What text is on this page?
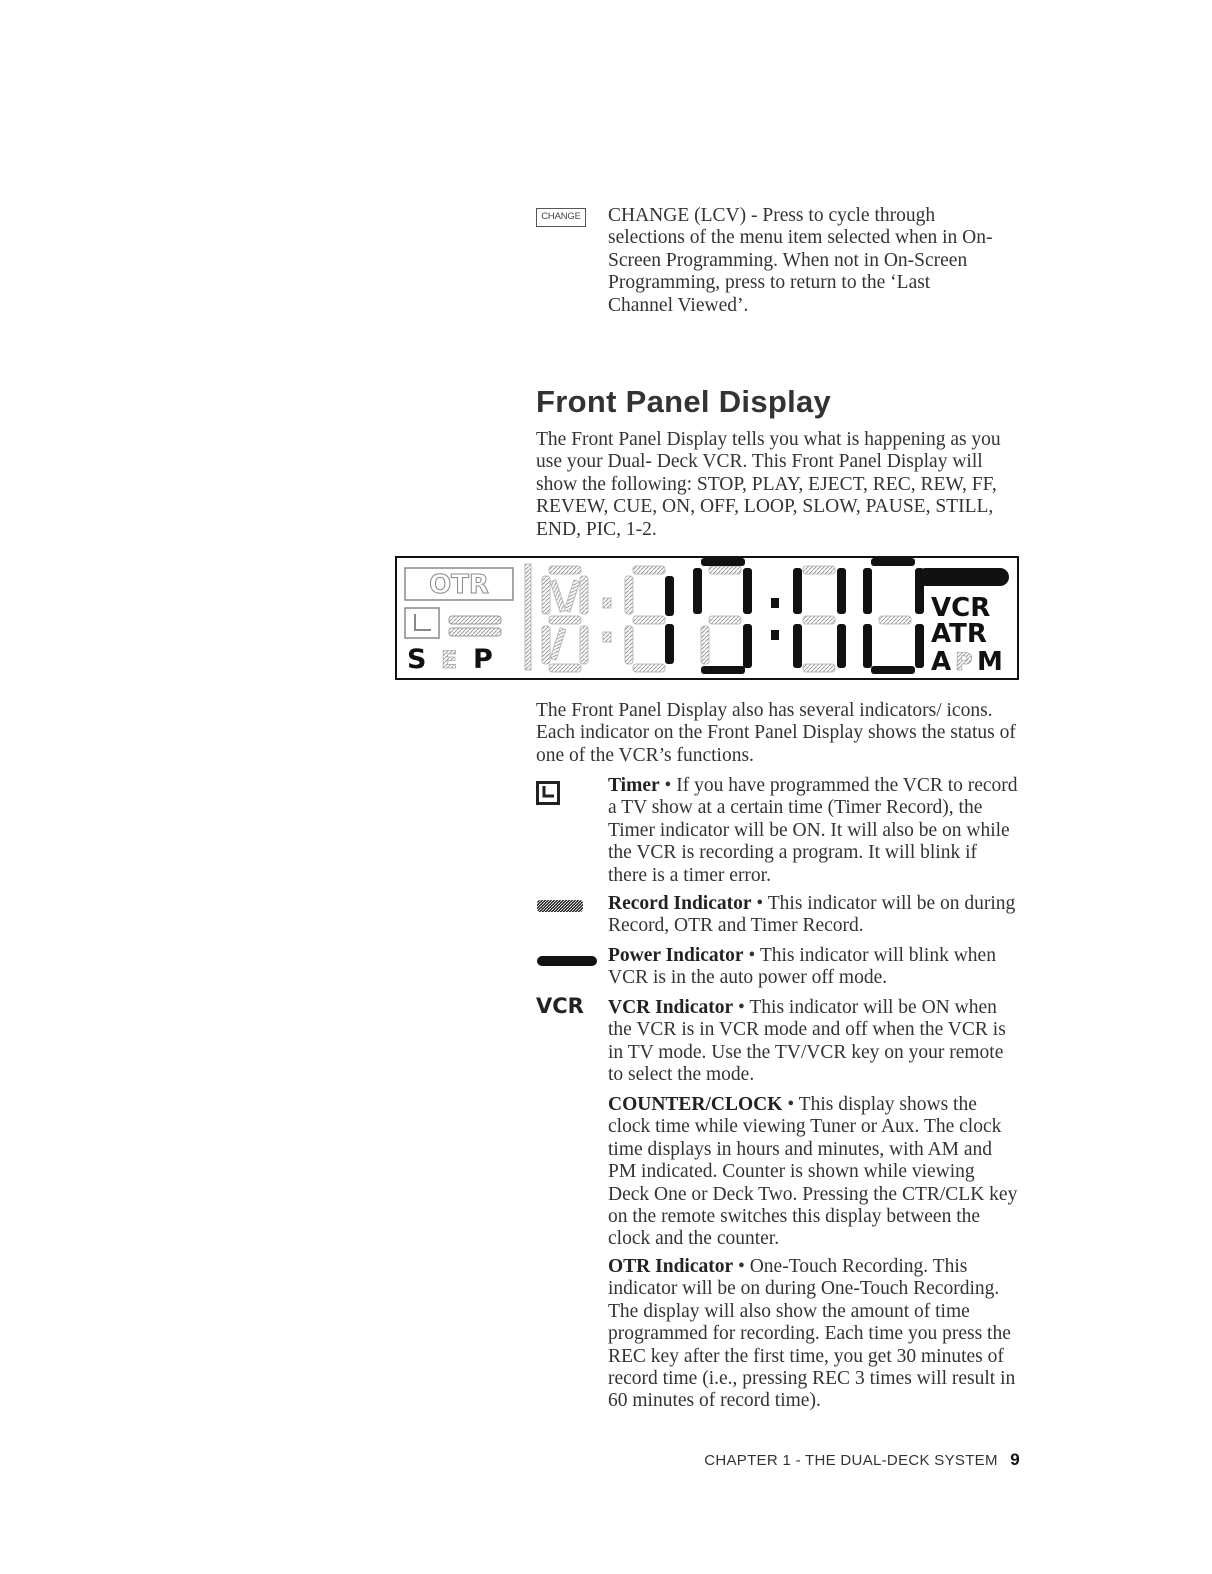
CHANGE CHANGE (LCV) - Press to cycle through selections of the menu item selected when in On-Screen Programming. When not in On-Screen Programming, press to return to the ‘Last Channel Viewed’.
Front Panel Display
The Front Panel Display tells you what is happening as you use your Dual- Deck VCR. This Front Panel Display will show the following: STOP, PLAY, EJECT, REC, REW, FF, REVEW, CUE, ON, OFF, LOOP, SLOW, PAUSE, STILL, END, PIC, 1-2.
OTR
S E P
VCR
ATR
A P M
The Front Panel Display also has several indicators/ icons. Each indicator on the Front Panel Display shows the status of one of the VCR’s functions.
Timer • If you have programmed the VCR to record a TV show at a certain time (Timer Record), the Timer indicator will be ON. It will also be on while the VCR is recording a program. It will blink if there is a timer error.
Record Indicator • This indicator will be on during Record, OTR and Timer Record.
Power Indicator • This indicator will blink when VCR is in the auto power off mode.
VCR VCR Indicator • This indicator will be ON when the VCR is in VCR mode and off when the VCR is in TV mode. Use the TV/VCR key on your remote to select the mode.
COUNTER/CLOCK • This display shows the clock time while viewing Tuner or Aux. The clock time displays in hours and minutes, with AM and PM indicated. Counter is shown while viewing Deck One or Deck Two. Pressing the CTR/CLK key on the remote switches this display between the clock and the counter.
OTR Indicator • One-Touch Recording. This indicator will be on during One-Touch Recording. The display will also show the amount of time programmed for recording. Each time you press the REC key after the first time, you get 30 minutes of record time (i.e., pressing REC 3 times will result in 60 minutes of record time).
CHAPTER 1 - THE DUAL-DECK SYSTEM 9
